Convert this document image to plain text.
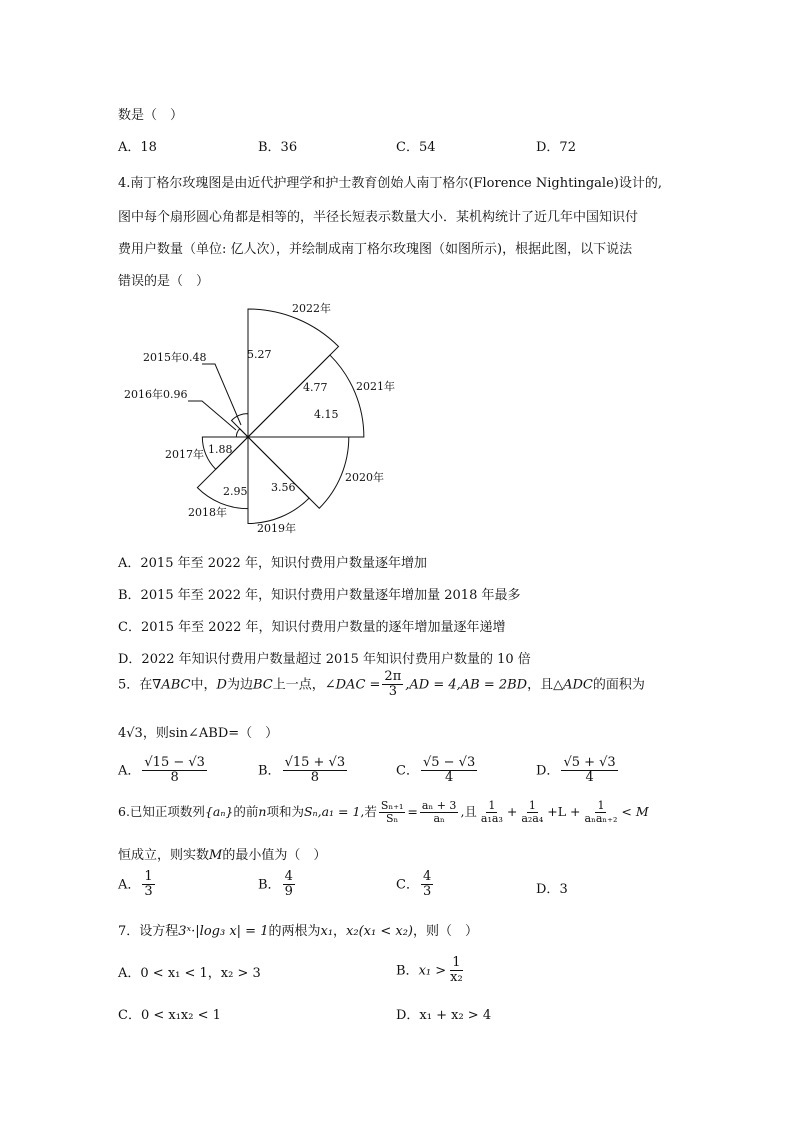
数是（　）
A．18	B．36	C．54	D．72
4.南丁格尔玫瑰图是由近代护理学和护士教育创始人南丁格尔(Florence Nightingale)设计的,
图中每个扇形圆心角都是相等的，半径长短表示数量大小．某机构统计了近几年中国知识付
费用户数量（单位: 亿人次），并绘制成南丁格尔玫瑰图（如图所示)，根据此图，以下说法
错误的是（　）
2022年
5.27
2021年
4.77
4.15
2020年
3.56
2019年
2.95
2018年
1.88
2017年
2016年0.96
2015年0.48
A．2015 年至 2022 年，知识付费用户数量逐年增加
B．2015 年至 2022 年，知识付费用户数量逐年增加量 2018 年最多
C．2015 年至 2022 年，知识付费用户数量的逐年增加量逐年递增
D．2022 年知识付费用户数量超过 2015 年知识付费用户数量的 10 倍
5．在∇ABC中，D为边BC上一点，∠DAC = $\frac{2\pi}{3} ,AD = 4,AB = 2BD$，且△ADC的面积为
4√3，则sin∠ABD=（　）
A． $\frac{√15 - √3}{8}$	B． $\frac{√15 + √3}{8}$	C． $\frac{√5 - √3}{4}$	D． $\frac{√5 + √3}{4}$
6.已知正项数列{aₙ}的前n项和为Sₙ,a₁ = 1,若 $\frac{\text{Sₙ₊₁}}{\text{Sₙ}} = \frac{\text{aₙ + 3}}{\text{aₙ}}$ ,且 $\frac{1}{\text{a₁a₃}} + \frac{1}{\text{a₂a₄}} +L + \frac{1}{\text{aₙaₙ₊₂}} < M$
恒成立，则实数M的最小值为（　）
A． $\frac{1}{3}$	B． $\frac{4}{9}$	C． $\frac{4}{3}$	D．3
7．设方程3ˣ·|log₃ x| = 1的两根为x₁，x₂(x₁ < x₂)，则（　）
A．0 < x₁ < 1，x₂ > 3	B．$x_1 > \frac{1}{\text{x₂}}$
C．0 < x₁x₂ < 1	D．x₁ + x₂ > 4
